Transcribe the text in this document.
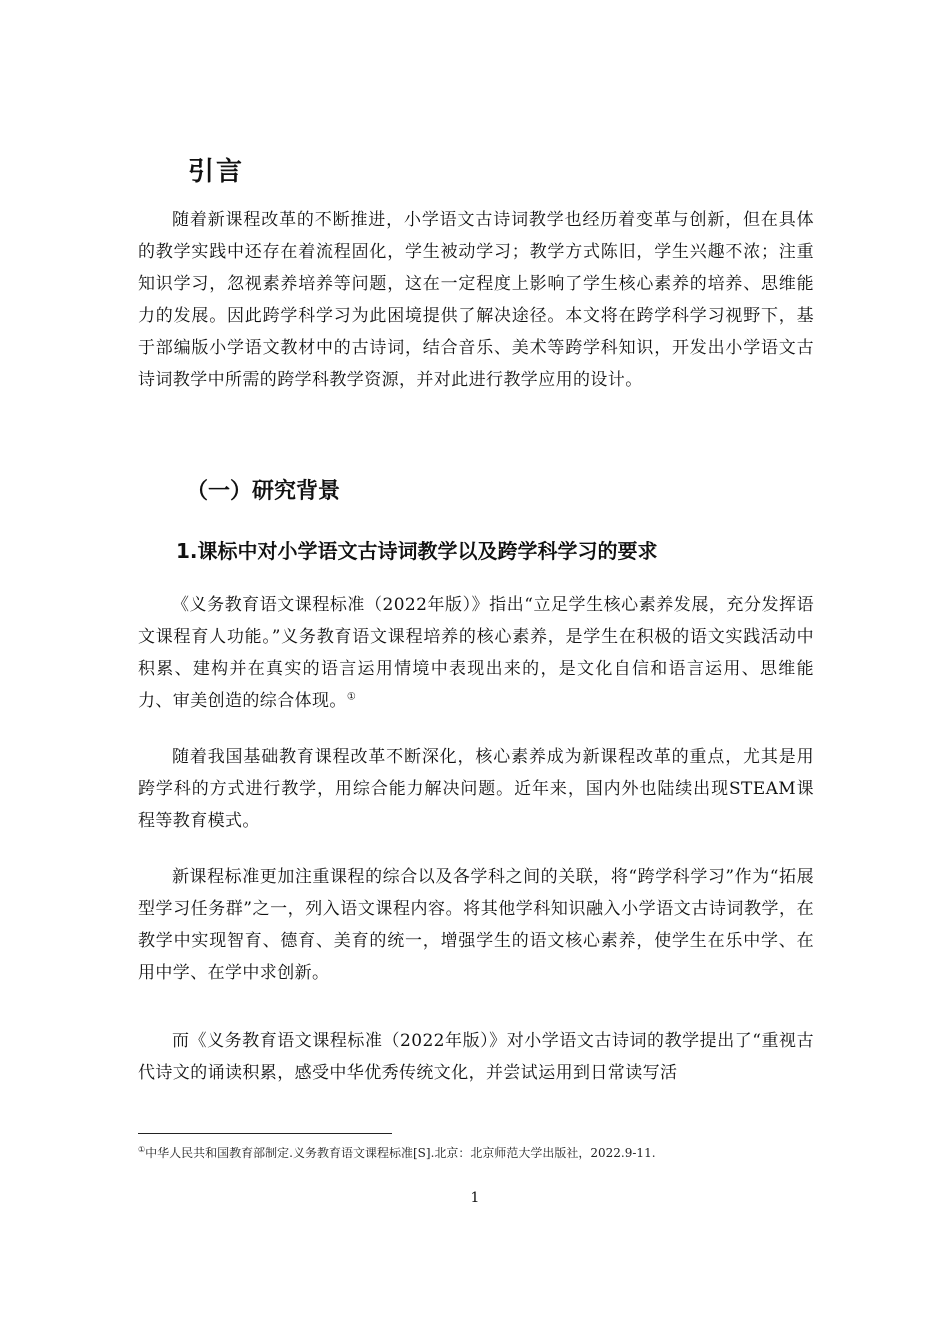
引言

随着新课程改革的不断推进，小学语文古诗词教学也经历着变革与创新，但在具体的教学实践中还存在着流程固化，学生被动学习；教学方式陈旧，学生兴趣不浓；注重知识学习，忽视素养培养等问题，这在一定程度上影响了学生核心素养的培养、思维能力的发展。因此跨学科学习为此困境提供了解决途径。本文将在跨学科学习视野下，基于部编版小学语文教材中的古诗词，结合音乐、美术等跨学科知识，开发出小学语文古诗词教学中所需的跨学科教学资源，并对此进行教学应用的设计。

（一）研究背景
1.课标中对小学语文古诗词教学以及跨学科学习的要求

《义务教育语文课程标准（2022年版）》指出“立足学生核心素养发展，充分发挥语文课程育人功能。”义务教育语文课程培养的核心素养，是学生在积极的语文实践活动中积累、建构并在真实的语言运用情境中表现出来的，是文化自信和语言运用、思维能力、审美创造的综合体现。①

随着我国基础教育课程改革不断深化，核心素养成为新课程改革的重点，尤其是用跨学科的方式进行教学，用综合能力解决问题。近年来，国内外也陆续出现STEAM课程等教育模式。

新课程标准更加注重课程的综合以及各学科之间的关联，将“跨学科学习”作为“拓展型学习任务群”之一，列入语文课程内容。将其他学科知识融入小学语文古诗词教学，在教学中实现智育、德育、美育的统一，增强学生的语文核心素养，使学生在乐中学、在用中学、在学中求创新。

而《义务教育语文课程标准（2022年版）》对小学语文古诗词的教学提出了“重视古代诗文的诵读积累，感受中华优秀传统文化，并尝试运用到日常读写活

①中华人民共和国教育部制定.义务教育语文课程标准[S].北京：北京师范大学出版社，2022.9-11.

1
